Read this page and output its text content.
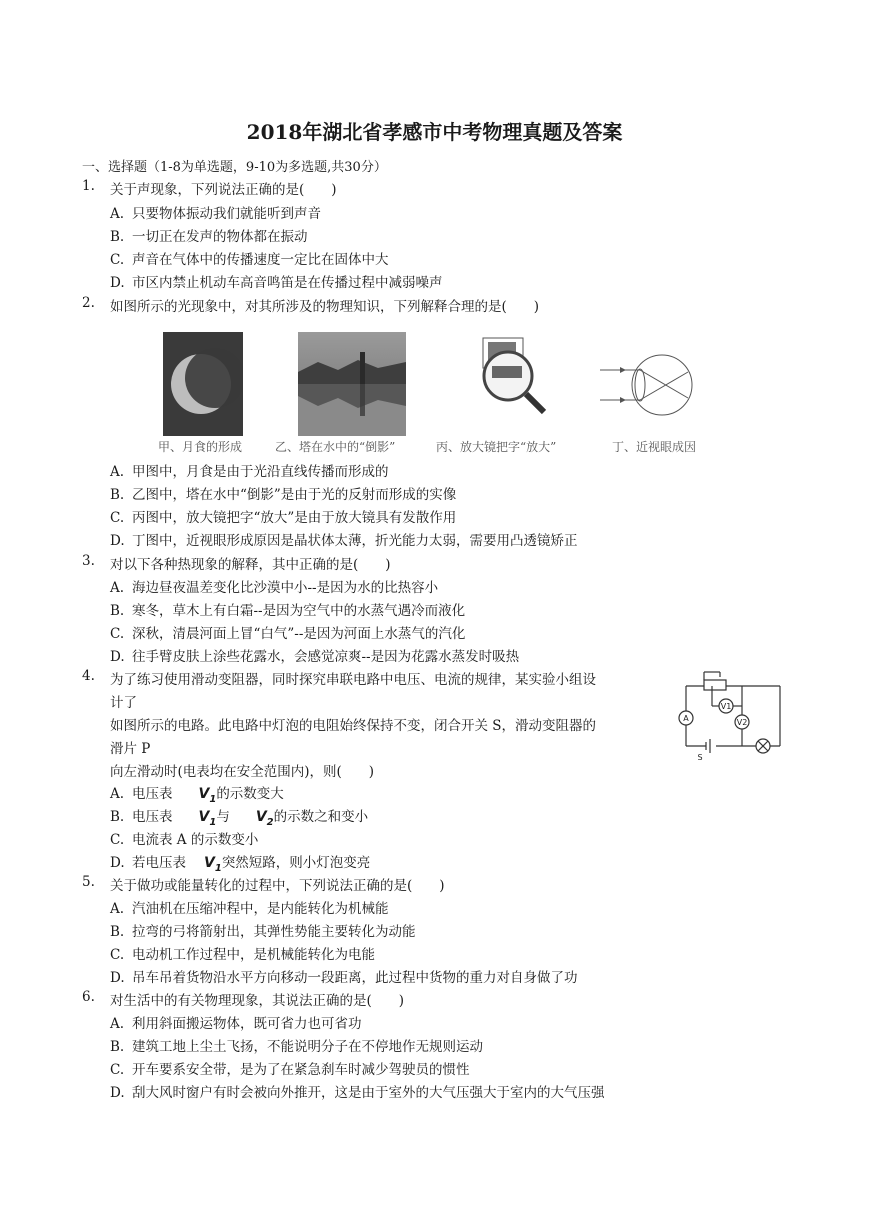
2018年湖北省孝感市中考物理真题及答案
一、选择题（1-8为单选题，9-10为多选题,共30分）
1. 关于声现象，下列说法正确的是(　　)
A. 只要物体振动我们就能听到声音
B. 一切正在发声的物体都在振动
C. 声音在气体中的传播速度一定比在固体中大
D. 市区内禁止机动车高音鸣笛是在传播过程中减弱噪声
2. 如图所示的光现象中，对其所涉及的物理知识，下列解释合理的是(　　)
甲、月食的形成	乙、塔在水中的“倒影”	丙、放大镜把字“放大”	丁、近视眼成因
A. 甲图中，月食是由于光沿直线传播而形成的
B. 乙图中，塔在水中“倒影”是由于光的反射而形成的实像
C. 丙图中，放大镜把字“放大”是由于放大镜具有发散作用
D. 丁图中，近视眼形成原因是晶状体太薄，折光能力太弱，需要用凸透镜矫正
3. 对以下各种热现象的解释，其中正确的是(　　)
A. 海边昼夜温差变化比沙漠中小--是因为水的比热容小
B. 寒冬，草木上有白霜--是因为空气中的水蒸气遇冷而液化
C. 深秋，清晨河面上冒“白气”--是因为河面上水蒸气的汽化
D. 往手臂皮肤上涂些花露水，会感觉凉爽--是因为花露水蒸发时吸热
4. 为了练习使用滑动变阻器，同时探究串联电路中电压、电流的规律，某实验小组设
计了
如图所示的电路。此电路中灯泡的电阻始终保持不变，闭合开关 S，滑动变阻器的
滑片 P
向左滑动时(电表均在安全范围内)，则(　　)
A
V1
V2
S
A. 电压表 $V_1$的示数变大
B. 电压表 $V_1$与 $V_2$的示数之和变小
C. 电流表 A 的示数变小
D. 若电压表 $V_1$突然短路，则小灯泡变亮
5. 关于做功或能量转化的过程中，下列说法正确的是(　　)
A. 汽油机在压缩冲程中，是内能转化为机械能
B. 拉弯的弓将箭射出，其弹性势能主要转化为动能
C. 电动机工作过程中，是机械能转化为电能
D. 吊车吊着货物沿水平方向移动一段距离，此过程中货物的重力对自身做了功
6. 对生活中的有关物理现象，其说法正确的是(　　)
A. 利用斜面搬运物体，既可省力也可省功
B. 建筑工地上尘土飞扬，不能说明分子在不停地作无规则运动
C. 开车要系安全带，是为了在紧急刹车时减少驾驶员的惯性
D. 刮大风时窗户有时会被向外推开，这是由于室外的大气压强大于室内的大气压强
